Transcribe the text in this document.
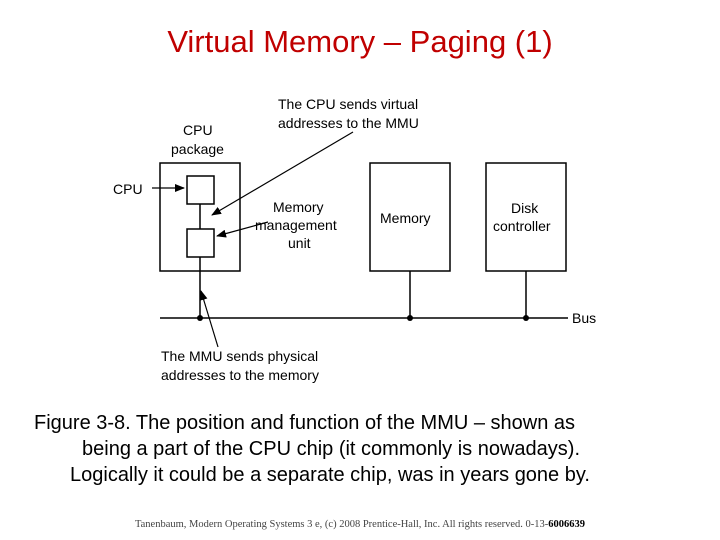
Virtual Memory – Paging (1)
CPU
package
CPU
The CPU sends virtual
addresses to the MMU
Memory
management
unit
Memory
Disk
controller
Bus
The MMU sends physical
addresses to the memory
Figure 3-8. The position and function of the MMU – shown as
being a part of the CPU chip (it commonly is nowadays).
Logically it could be a separate chip, was in years gone by.
Tanenbaum, Modern Operating Systems 3 e, (c) 2008 Prentice-Hall, Inc. All rights reserved. 0-13-6006639
